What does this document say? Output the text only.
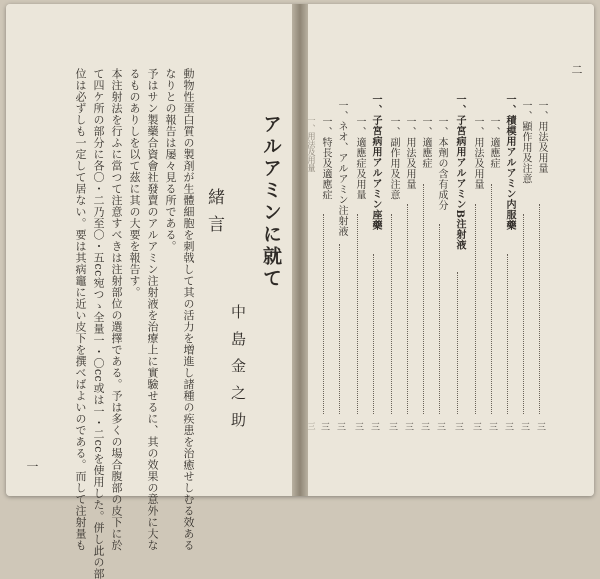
アルアミンに就て
緒言
中島金之助
動物性蛋白質の製剤が生體細胞を刺戟して其の活力を増進し諸種の疾患を治癒せしむる效ある
なりとの報告は屡々見る所である。
予はサン製藥合資會社發賣のアルアミン注射液を治療上に實驗せるに、其の效果の意外に大な
るものありしを以て茲に其の大要を報告す。
本注射法を行ふに當つて注意すべきは注射部位の選擇である。予は多くの場合腹部の皮下に於
て四ケ所の部分に各〇・二乃至〇・五cc宛つゝ全量一・〇cc或は一・二ccを使用した。併し此の部
位は必ずしも一定して居ない。要は其病竈に近い皮下を撰べばよいのである。而して注射量も
一
二
一、用法及用量
一、顯作用及注意
一、積模用アルアミン内服藥
一、適應症
一、用法及用量
一、子宮病用アルアミンB注射液
一、本劑の含有成分
一、適應症
一、用法及用量
一、副作用及注意
一、子宮病用アルアミン座藥
一、適應症及用量
一、ネオ、アルアミン注射液
一、特長及適應症
三
三
三
三
三
三
三
三
三
三
三
三
三
三
一、用法及用量
三
